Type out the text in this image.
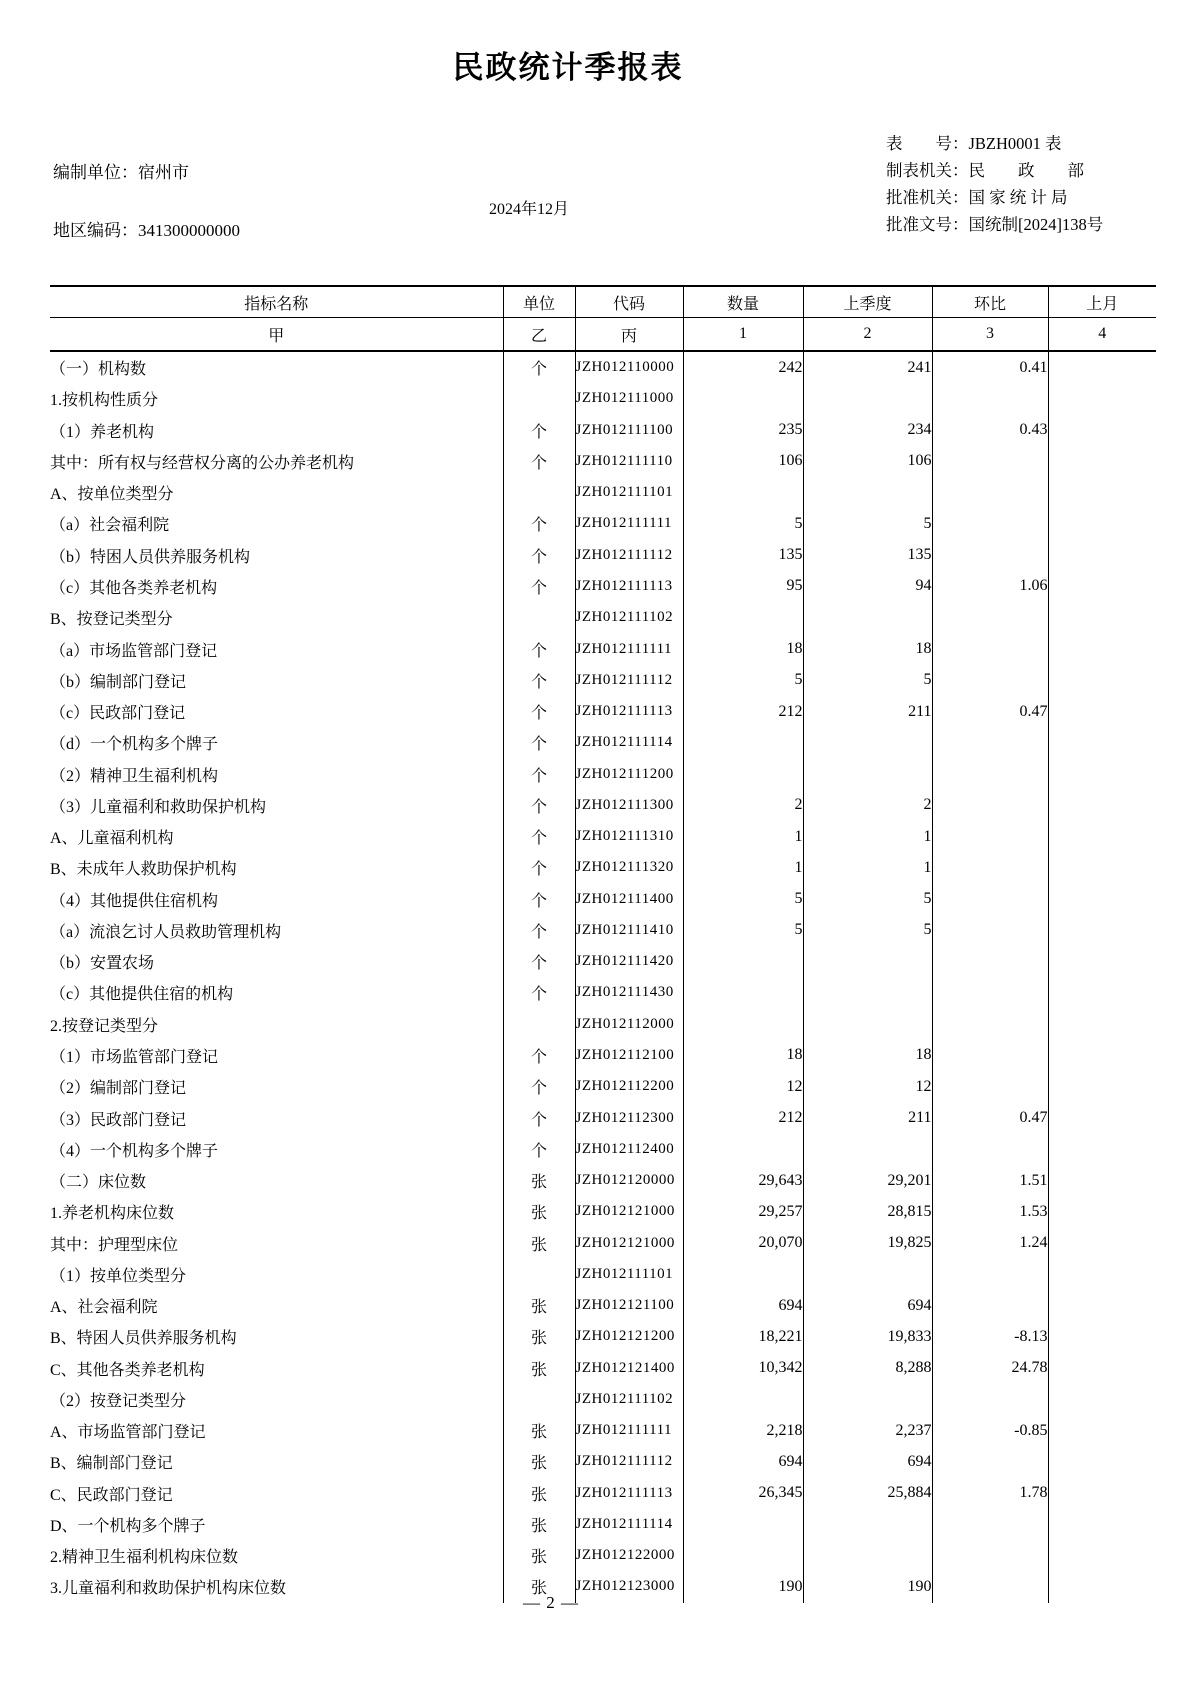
民政统计季报表
编制单位：宿州市
地区编码：341300000000
2024年12月
表　　号：JBZH0001 表
制表机关：民　　政　　部
批准机关：国 家 统 计 局
批准文号：国统制[2024]138号
指标名称	单位	代码	数量	上季度	环比	上月
甲	乙	丙	1	2	3	4
（一）机构数	个	JZH012110000	242	241	0.41	
1.按机构性质分		JZH012111000				
（1）养老机构	个	JZH012111100	235	234	0.43	
其中：所有权与经营权分离的公办养老机构	个	JZH012111110	106	106		
A、按单位类型分		JZH012111101				
（a）社会福利院	个	JZH012111111	5	5		
（b）特困人员供养服务机构	个	JZH012111112	135	135		
（c）其他各类养老机构	个	JZH012111113	95	94	1.06	
B、按登记类型分		JZH012111102				
（a）市场监管部门登记	个	JZH012111111	18	18		
（b）编制部门登记	个	JZH012111112	5	5		
（c）民政部门登记	个	JZH012111113	212	211	0.47	
（d）一个机构多个牌子	个	JZH012111114				
（2）精神卫生福利机构	个	JZH012111200				
（3）儿童福利和救助保护机构	个	JZH012111300	2	2		
A、儿童福利机构	个	JZH012111310	1	1		
B、未成年人救助保护机构	个	JZH012111320	1	1		
（4）其他提供住宿机构	个	JZH012111400	5	5		
（a）流浪乞讨人员救助管理机构	个	JZH012111410	5	5		
（b）安置农场	个	JZH012111420				
（c）其他提供住宿的机构	个	JZH012111430				
2.按登记类型分		JZH012112000				
（1）市场监管部门登记	个	JZH012112100	18	18		
（2）编制部门登记	个	JZH012112200	12	12		
（3）民政部门登记	个	JZH012112300	212	211	0.47	
（4）一个机构多个牌子	个	JZH012112400				
（二）床位数	张	JZH012120000	29,643	29,201	1.51	
1.养老机构床位数	张	JZH012121000	29,257	28,815	1.53	
其中：护理型床位	张	JZH012121000	20,070	19,825	1.24	
（1）按单位类型分		JZH012111101				
A、社会福利院	张	JZH012121100	694	694		
B、特困人员供养服务机构	张	JZH012121200	18,221	19,833	-8.13	
C、其他各类养老机构	张	JZH012121400	10,342	8,288	24.78	
（2）按登记类型分		JZH012111102				
A、市场监管部门登记	张	JZH012111111	2,218	2,237	-0.85	
B、编制部门登记	张	JZH012111112	694	694		
C、民政部门登记	张	JZH012111113	26,345	25,884	1.78	
D、一个机构多个牌子	张	JZH012111114				
2.精神卫生福利机构床位数	张	JZH012122000				
3.儿童福利和救助保护机构床位数	张	JZH012123000	190	190		
— 2 —
